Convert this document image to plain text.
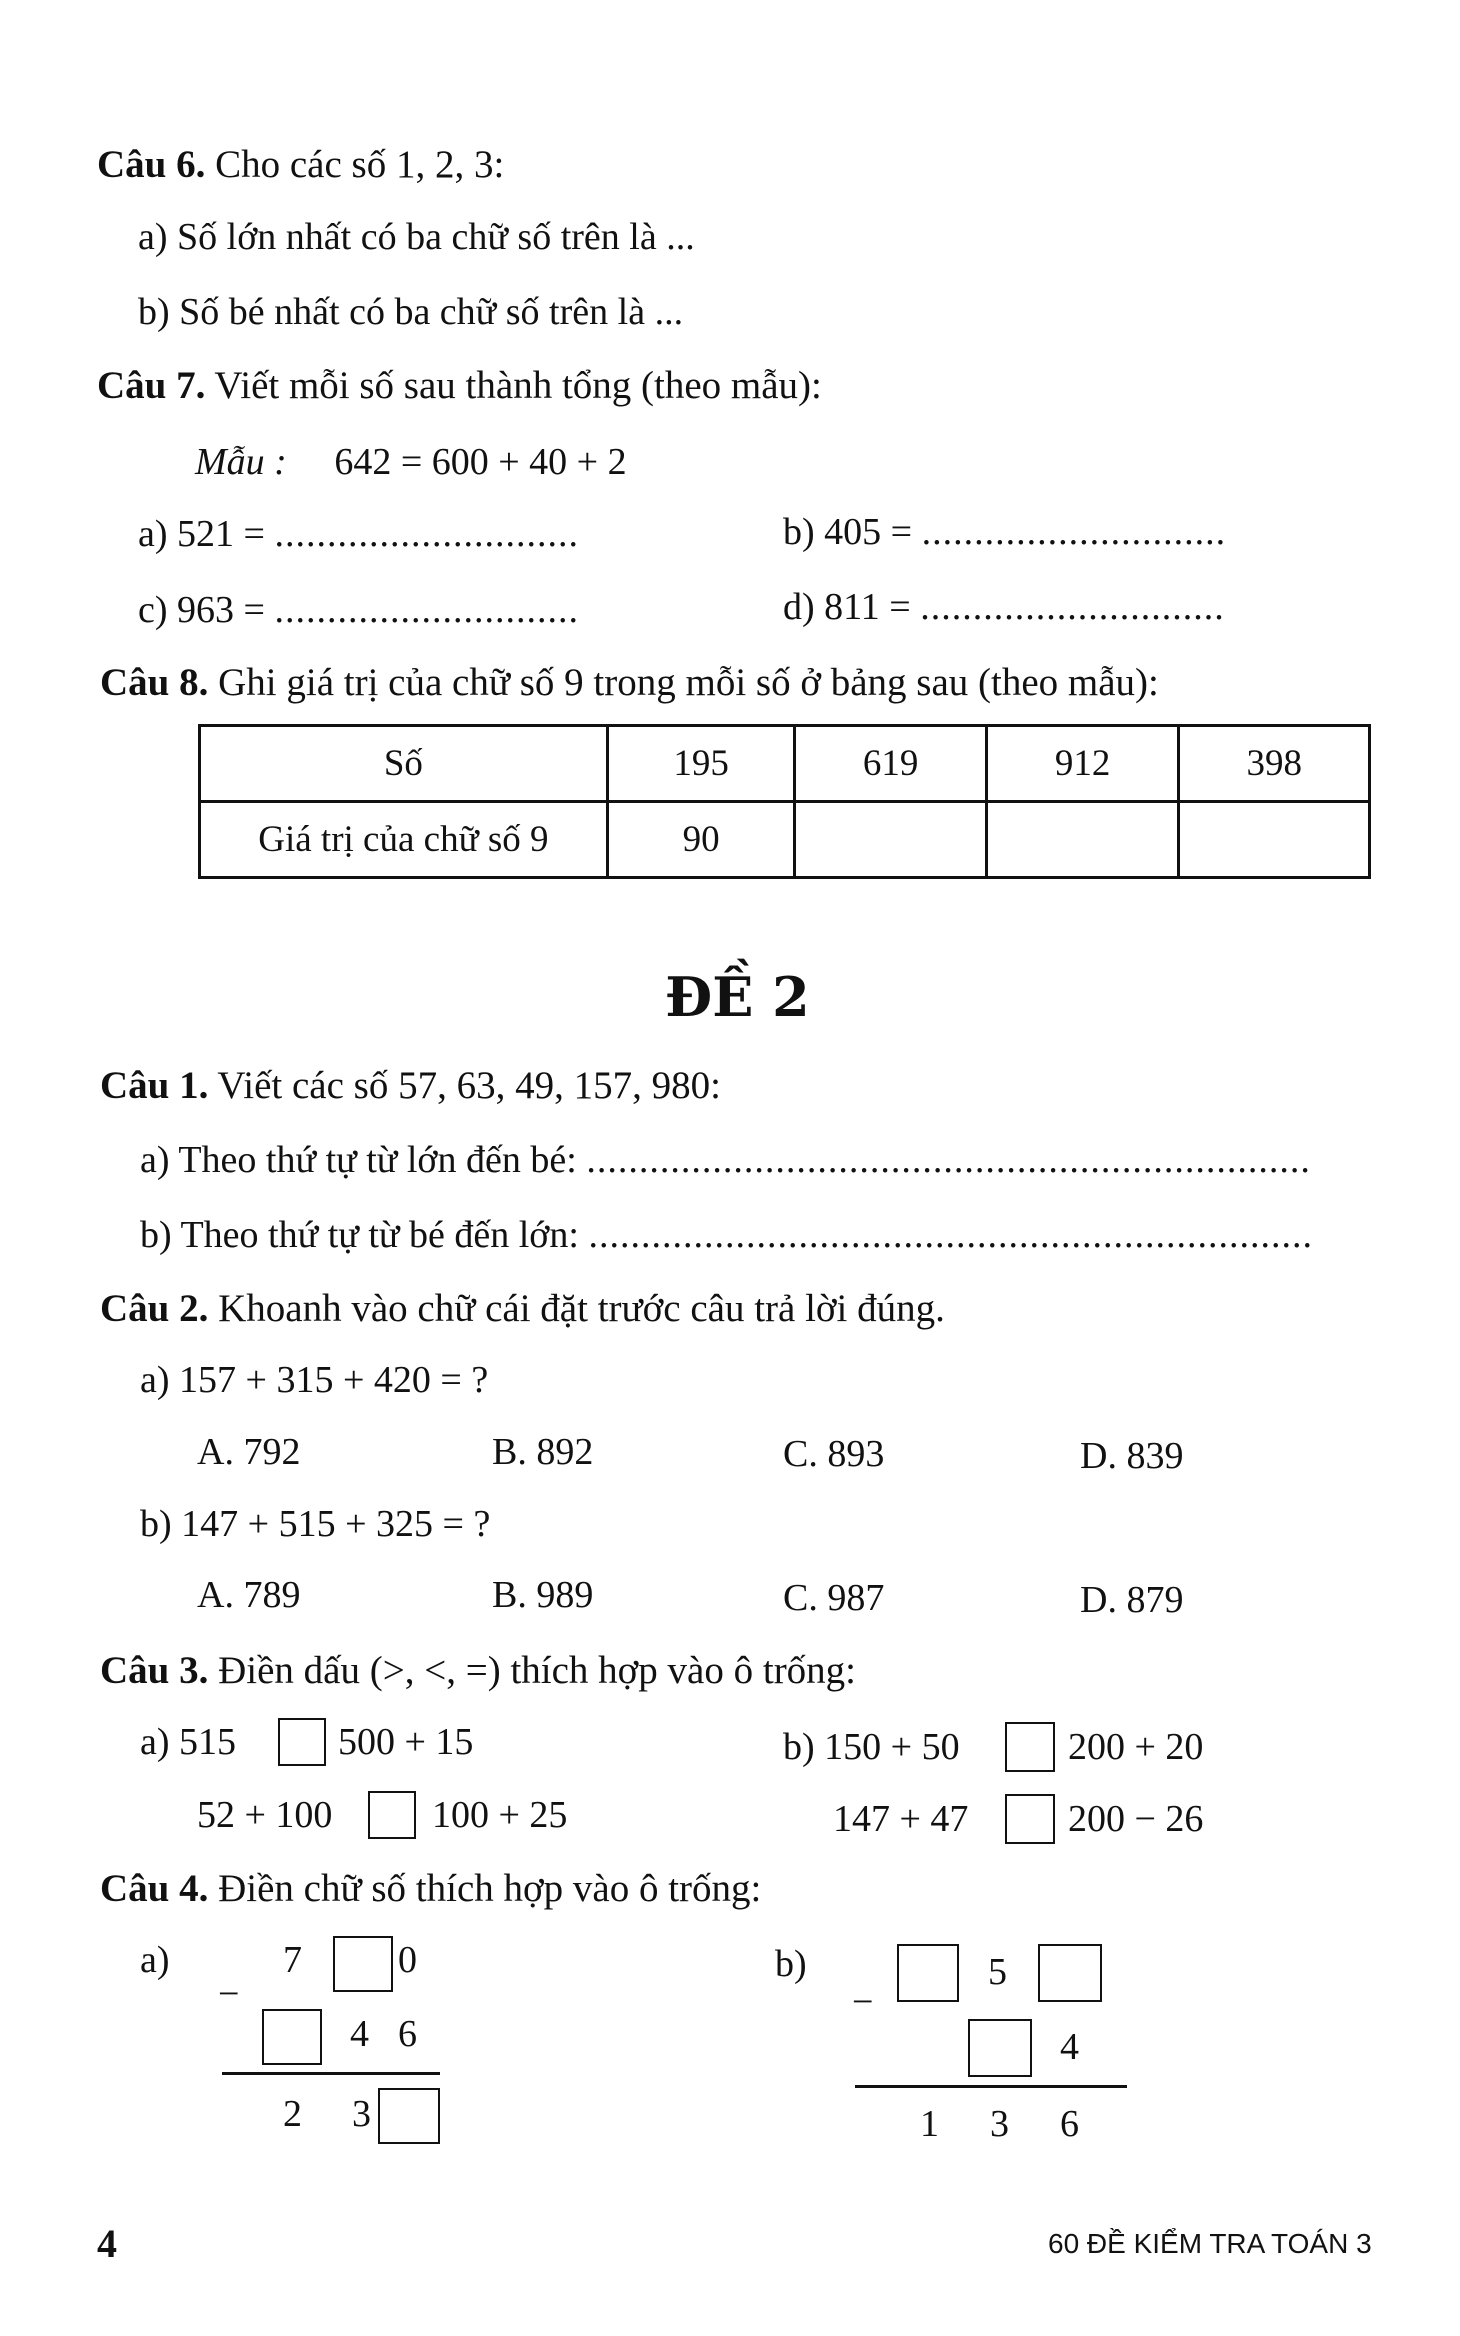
Câu 6. Cho các số 1, 2, 3:
a) Số lớn nhất có ba chữ số trên là ...
b) Số bé nhất có ba chữ số trên là ...
Câu 7. Viết mỗi số sau thành tổng (theo mẫu):
Mẫu : 642 = 600 + 40 + 2
a) 521 = .............................	b) 405 = .............................
c) 963 = .............................	d) 811 = .............................
Câu 8. Ghi giá trị của chữ số 9 trong mỗi số ở bảng sau (theo mẫu):
Số	195	619	912	398
Giá trị của chữ số 9	90			
ĐỀ 2
Câu 1. Viết các số 57, 63, 49, 157, 980:
a) Theo thứ tự từ lớn đến bé: .....................................................................
b) Theo thứ tự từ bé đến lớn: .....................................................................
Câu 2. Khoanh vào chữ cái đặt trước câu trả lời đúng.
a) 157 + 315 + 420 = ?
A. 792	B. 892	C. 893	D. 839
b) 147 + 515 + 325 = ?
A. 789	B. 989	C. 987	D. 879
Câu 3. Điền dấu (>, <, =) thích hợp vào ô trống:
a) 515	500 + 15
52 + 100	100 + 25
b) 150 + 50	200 + 20
147 + 47	200 − 26
Câu 4. Điền chữ số thích hợp vào ô trống:
a)	7	0
−
4 6
2 3
b)	5
−
4
1 3 6
4	60 ĐỀ KIỂM TRA TOÁN 3
